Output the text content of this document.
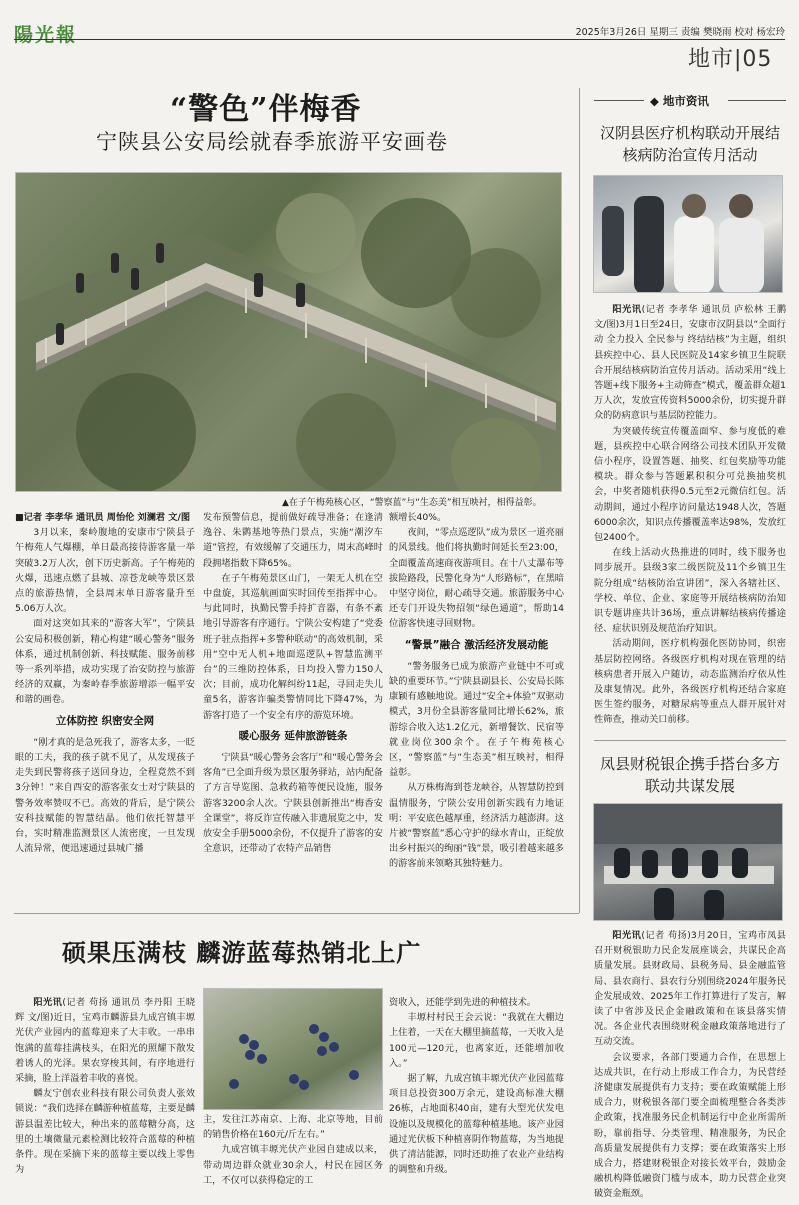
陽光報	2025年3月26日 星期三 责编 樊晓雨 校对 杨宏玲
地市|05
“警色”伴梅香
宁陕县公安局绘就春季旅游平安画卷
▲在子午梅苑核心区，“警察蓝”与“生态美”相互映衬，相得益彰。

■记者 李孝华 通讯员 周怡伦 刘澜君 文/图

3月以来，秦岭腹地的安康市宁陕县子午梅苑人气爆棚，单日最高接待游客量一举突破3.2万人次，创下历史新高。子午梅苑的火爆，迅速点燃了县城、凉苍龙峡等景区景点的旅游热情，全县周末单日游客量升至5.06万人次。

面对这突如其来的“游客大军”，宁陕县公安局积极创新，精心构建“暖心警务”服务体系，通过机制创新、科技赋能、服务前移等一系列举措，成功实现了治安防控与旅游经济的双赢，为秦岭春季旅游增添一幅平安和谐的画卷。

立体防控 织密安全网

“刚才真的是急死我了，游客太多，一眨眼的工夫，我的孩子就不见了，从发现孩子走失到民警将孩子送回身边，全程竟然不到3分钟！”来自西安的游客张女士对宁陕县的警务效率赞叹不已。高效的背后，是宁陕公安科技赋能的智慧结晶。他们依托智慧平台，实时精准监测景区人流密度，一旦发现人流异常，便迅速通过县城广播

发布预警信息，提前做好疏导准备；在逢清逸谷、朱鹮基地等热门景点，实施“潮汐车道”管控，有效缓解了交通压力，周末高峰时段拥堵指数下降65%。

在子午梅苑景区山门，一架无人机在空中盘旋，其巡航画面实时回传至指挥中心。与此同时，执勤民警手持扩音器，有条不紊地引导游客有序通行。宁陕公安构建了“党委班子驻点指挥+多警种联动”的高效机制，采用“空中无人机+地面巡逻队+智慧监测平台”的三维防控体系，日均投入警力150人次；目前，成功化解纠纷11起，寻回走失儿童5名，游客诈骗类警情同比下降47%，为游客打造了一个安全有序的游览环境。

暖心服务 延伸旅游链条

宁陕县“暖心警务会客厅”和“暖心警务会客角”已全面升级为景区服务驿站，站内配备了方言导览图、急救药箱等便民设施，服务游客3200余人次。宁陕县创新推出“梅香安全课堂”，将反诈宣传融入非遗展览之中，发放安全手册5000余份，不仅提升了游客的安全意识，还带动了农特产品销售

额增长40%。

夜间，“零点巡逻队”成为景区一道亮丽的风景线。他们将执勤时间延长至23:00，全面覆盖高速商夜游项目。在十八丈瀑布等拔险路段，民警化身为“人形路标”，在黑暗中坚守岗位，耐心疏导交通。旅游服务中心还专门开设失物招领“绿色通道”，帮助14位游客快速寻回财物。

“警景”融合 激活经济发展动能

“警务服务已成为旅游产业链中不可或缺的重要环节。”宁陕县副县长、公安局长陈康颖有感触地说。通过“安全+体验”双驱动模式，3月份全县游客量同比增长62%，旅游综合收入达1.2亿元，新增餐饮、民宿等就业岗位300余个。在子午梅苑核心区，“警察蓝”与“生态美”相互映衬，相得益彰。

从万株梅海到苍龙峡谷，从智慧防控到温情服务，宁陕公安用创新实践有力地证明：平安底色越厚重，经济活力越澎湃。这片被“警察蓝”悉心守护的绿水青山，正绽放出乡村振兴的绚丽“钱”景，吸引着越来越多的游客前来领略其独特魅力。

◆ 地市资讯
汉阴县医疗机构联动开展结核病防治宣传月活动

阳光讯(记者 李孝华 通讯员 庐松林 王鹏 文/图)3月1日至24日，安康市汉阴县以“全面行动 全力投入 全民参与 终结结核”为主题，组织县疾控中心、县人民医院及14家乡镇卫生院联合开展结核病防治宣传月活动。活动采用“线上答题+线下服务+主动筛查”模式，覆盖群众超1万人次，发放宣传资料5000余份，切实提升群众的防病意识与基层防控能力。

为突破传统宣传覆盖面窄、参与度低的难题，县疾控中心联合网络公司技术团队开发微信小程序，设置答题、抽奖、红包奖励等功能模块。群众参与答题累积积分可兑换抽奖机会，中奖者随机获得0.5元至2元微信红包。活动期间，通过小程序访问量达1948人次，答题6000余次，知识点传播覆盖率达98%，发放红包2400个。

在线上活动火热推进的同时，线下服务也同步展开。县级3家二级医院及11个乡镇卫生院分组成“结核防治宣讲团”，深入各辖社区、学校、单位、企业、家庭等开展结核病防治知识专题讲座共计36场，重点讲解结核病传播途径、症状识别及规范治疗知识。

活动期间，医疗机构强化医防协同，织密基层防控网络。各级医疗机构对现在管理的结核病患者开展入户随访，动态监测治疗依从性及康复情况。此外，各级医疗机构还结合家庭医生签约服务，对糖尿病等重点人群开展针对性筛查，推动关口前移。

凤县财税银企携手搭台多方联动共谋发展

阳光讯(记者 苟扬)3月20日，宝鸡市凤县召开财税银助力民企发展座谈会，共谋民企高质量发展。县财政局、县税务局、县金融监管局、县农商行、县农行分别围绕2024年服务民企发展成效、2025年工作打算进行了发言，解读了中省涉及民企金融政策和在该县落实情况。各企业代表围绕财税金融政策落地进行了互动交流。

会议要求，各部门要通力合作，在思想上达成共识，在行动上形成工作合力，为民营经济健康发展提供有力支持；要在政策赋能上形成合力，财税银各部门要全面梳理整合各类涉企政策，找准服务民企机制运行中企业所需所盼，靠前指导、分类管理、精准服务，为民企高质量发展提供有力支撑；要在政策落实上形成合力，搭建财税银企对接长效平台，鼓励金融机构降低融资门槛与成本，助力民营企业突破资金瓶颈。

硕果压满枝 麟游蓝莓热销北上广

阳光讯(记者 苟扬 通讯员 李丹阳 王晓辉 文/图)近日，宝鸡市麟游县九成宫镇丰塬光伏产业园内的蓝莓迎来了大丰收。一串串饱满的蓝莓挂满枝头，在阳光的照耀下散发着诱人的光泽。果农穿梭其间，有序地进行采摘，脸上洋溢着丰收的喜悦。

麟友宁创农业科技有限公司负责人张效锁说：“我们选择在麟游种植蓝莓，主要是麟游县温差比较大，种出来的蓝莓糖分高，这里的土壤微量元素检测比较符合蓝莓的种植条件。现在采摘下来的蓝莓主要以线上零售为

主，发往江苏南京、上海、北京等地，目前的销售价格在160元/斤左右。”

九成宫镇丰塬光伏产业园自建成以来，带动周边群众就业30余人，村民在园区务工，不仅可以获得稳定的工

资收入，还能学到先进的种植技术。

丰塬村村民王会云说：“我就在大棚边上住着，一天在大棚里摘蓝莓，一天收入是100元—120元，也离家近，还能增加收入。”

据了解，九成宫镇丰塬光伏产业园蓝莓项目总投资300万余元，建设高标准大棚26栋，占地面积40亩，建有大型光伏发电设施以及规模化的蓝莓种植基地。该产业园通过光伏板下种植喜阴作物蓝莓，为当地提供了清洁能源，同时还助推了农业产业结构的调整和升级。
